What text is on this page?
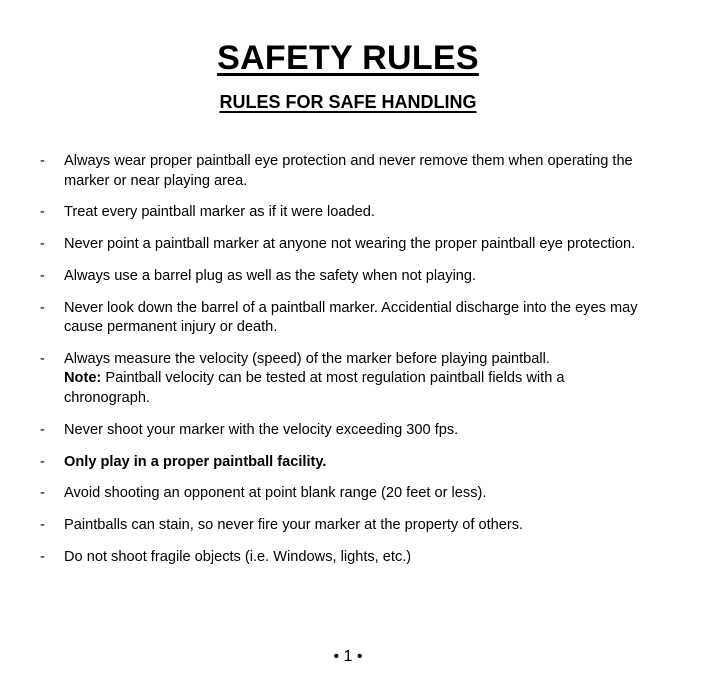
SAFETY RULES
RULES FOR SAFE HANDLING
- Always wear proper paintball eye protection and never remove them when operating the marker or near playing area.
- Treat every paintball marker as if it were loaded.
- Never point a paintball marker at anyone not wearing the proper paintball eye protection.
- Always use a barrel plug as well as the safety when not playing.
- Never look down the barrel of a paintball marker. Accidential discharge into the eyes may cause permanent injury or death.
- Always measure the velocity (speed) of the marker before playing paintball.
Note: Paintball velocity can be tested at most regulation paintball fields with a chronograph.
- Never shoot your marker with the velocity exceeding 300 fps.
- Only play in a proper paintball facility.
- Avoid shooting an opponent at point blank range (20 feet or less).
- Paintballs can stain, so never fire your marker at the property of others.
- Do not shoot fragile objects (i.e. Windows, lights, etc.)
• 1 •
